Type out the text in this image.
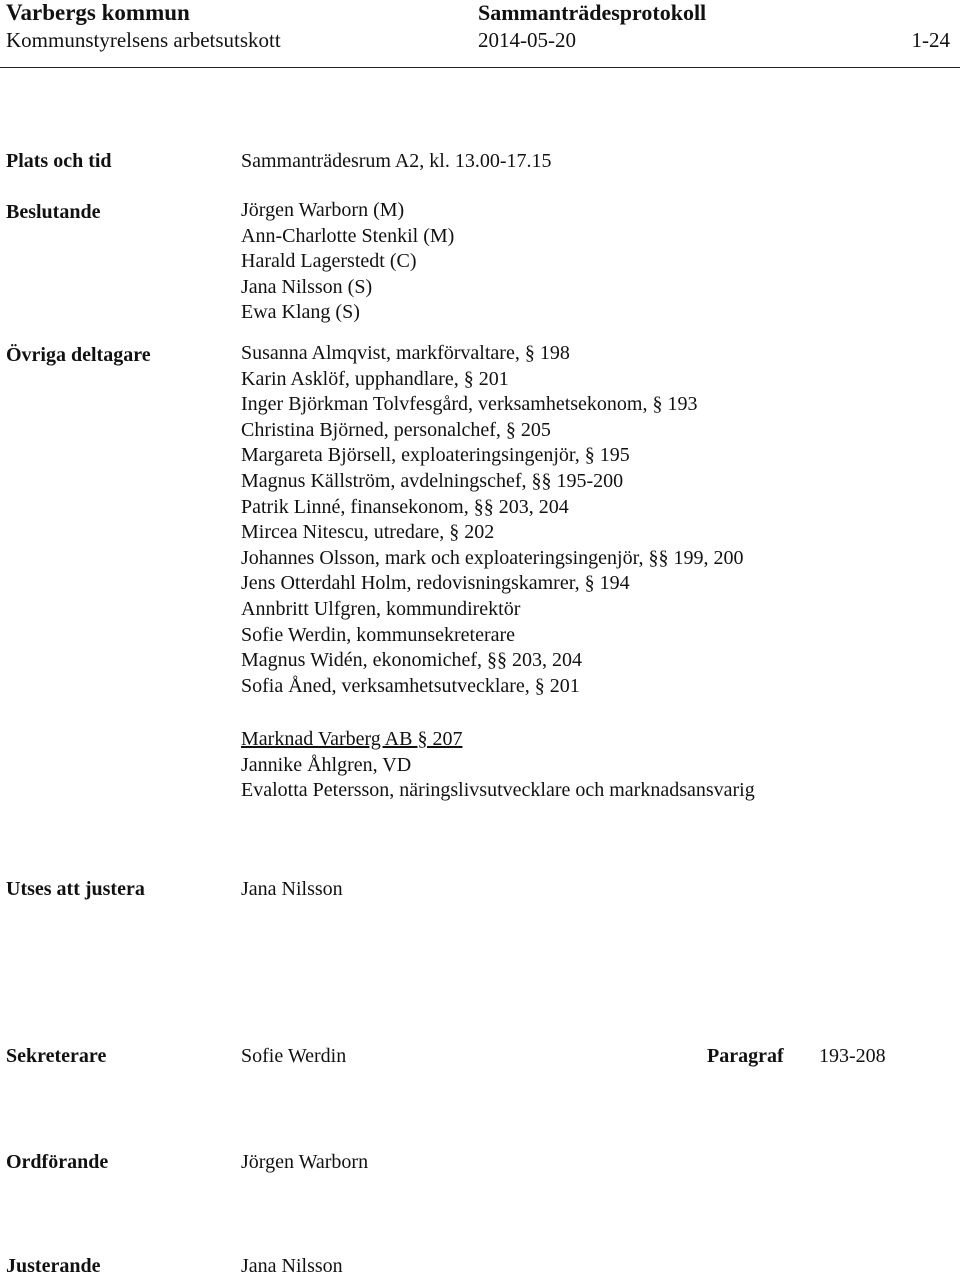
Varbergs kommun	Sammanträdesprotokoll
Kommunstyrelsens arbetsutskott	2014-05-20	1-24
Plats och tid	Sammanträdesrum A2, kl. 13.00-17.15
Beslutande	Jörgen Warborn (M)
Ann-Charlotte Stenkil (M)
Harald Lagerstedt (C)
Jana Nilsson (S)
Ewa Klang (S)
Övriga deltagare	Susanna Almqvist, markförvaltare, § 198
Karin Asklöf, upphandlare, § 201
Inger Björkman Tolvfesgård, verksamhetsekonom, § 193
Christina Björned, personalchef, § 205
Margareta Björsell, exploateringsingenjör, § 195
Magnus Källström, avdelningschef, §§ 195-200
Patrik Linné, finansekonom, §§ 203, 204
Mircea Nitescu, utredare, § 202
Johannes Olsson, mark och exploateringsingenjör, §§ 199, 200
Jens Otterdahl Holm, redovisningskamrer, § 194
Annbritt Ulfgren, kommundirektör
Sofie Werdin, kommunsekreterare
Magnus Widén, ekonomichef, §§ 203, 204
Sofia Åned, verksamhetsutvecklare, § 201
Marknad Varberg AB § 207
Jannike Åhlgren, VD
Evalotta Petersson, näringslivsutvecklare och marknadsansvarig
Utses att justera	Jana Nilsson
Sekreterare	Sofie Werdin	Paragraf 193-208
Ordförande	Jörgen Warborn
Justerande	Jana Nilsson
